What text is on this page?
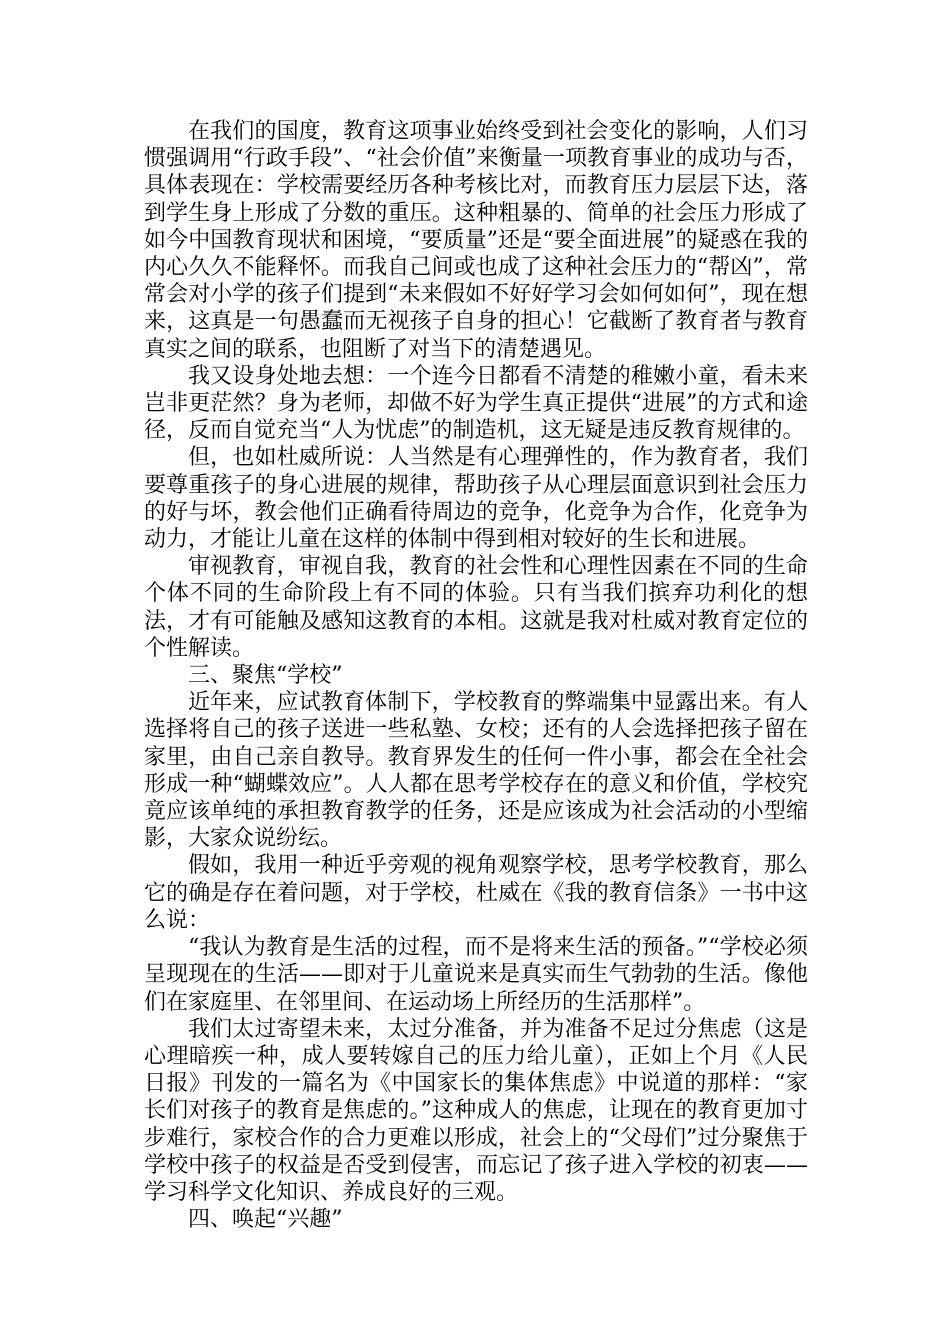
在我们的国度，教育这项事业始终受到社会变化的影响，人们习惯强调用“行政手段”、“社会价值”来衡量一项教育事业的成功与否，具体表现在：学校需要经历各种考核比对，而教育压力层层下达，落到学生身上形成了分数的重压。这种粗暴的、简单的社会压力形成了如今中国教育现状和困境，“要质量”还是“要全面进展”的疑惑在我的内心久久不能释怀。而我自己间或也成了这种社会压力的“帮凶”，常常会对小学的孩子们提到“未来假如不好好学习会如何如何”，现在想来，这真是一句愚蠢而无视孩子自身的担心！它截断了教育者与教育真实之间的联系，也阻断了对当下的清楚遇见。

我又设身处地去想：一个连今日都看不清楚的稚嫩小童，看未来岂非更茫然？身为老师，却做不好为学生真正提供“进展”的方式和途径，反而自觉充当“人为忧虑”的制造机，这无疑是违反教育规律的。

但，也如杜威所说：人当然是有心理弹性的，作为教育者，我们要尊重孩子的身心进展的规律，帮助孩子从心理层面意识到社会压力的好与坏，教会他们正确看待周边的竞争，化竞争为合作，化竞争为动力，才能让儿童在这样的体制中得到相对较好的生长和进展。

审视教育，审视自我，教育的社会性和心理性因素在不同的生命个体不同的生命阶段上有不同的体验。只有当我们摈弃功利化的想法，才有可能触及感知这教育的本相。这就是我对杜威对教育定位的个性解读。

三、聚焦“学校”

近年来，应试教育体制下，学校教育的弊端集中显露出来。有人选择将自己的孩子送进一些私塾、女校；还有的人会选择把孩子留在家里，由自己亲自教导。教育界发生的任何一件小事，都会在全社会形成一种“蝴蝶效应”。人人都在思考学校存在的意义和价值，学校究竟应该单纯的承担教育教学的任务，还是应该成为社会活动的小型缩影，大家众说纷纭。

假如，我用一种近乎旁观的视角观察学校，思考学校教育，那么它的确是存在着问题，对于学校，杜威在《我的教育信条》一书中这么说：

“我认为教育是生活的过程，而不是将来生活的预备。”“学校必须呈现现在的生活——即对于儿童说来是真实而生气勃勃的生活。像他们在家庭里、在邻里间、在运动场上所经历的生活那样”。

我们太过寄望未来，太过分准备，并为准备不足过分焦虑（这是心理暗疾一种，成人要转嫁自己的压力给儿童），正如上个月《人民日报》刊发的一篇名为《中国家长的集体焦虑》中说道的那样：“家长们对孩子的教育是焦虑的。”这种成人的焦虑，让现在的教育更加寸步难行，家校合作的合力更难以形成，社会上的“父母们”过分聚焦于学校中孩子的权益是否受到侵害，而忘记了孩子进入学校的初衷——学习科学文化知识、养成良好的三观。

四、唤起“兴趣”
